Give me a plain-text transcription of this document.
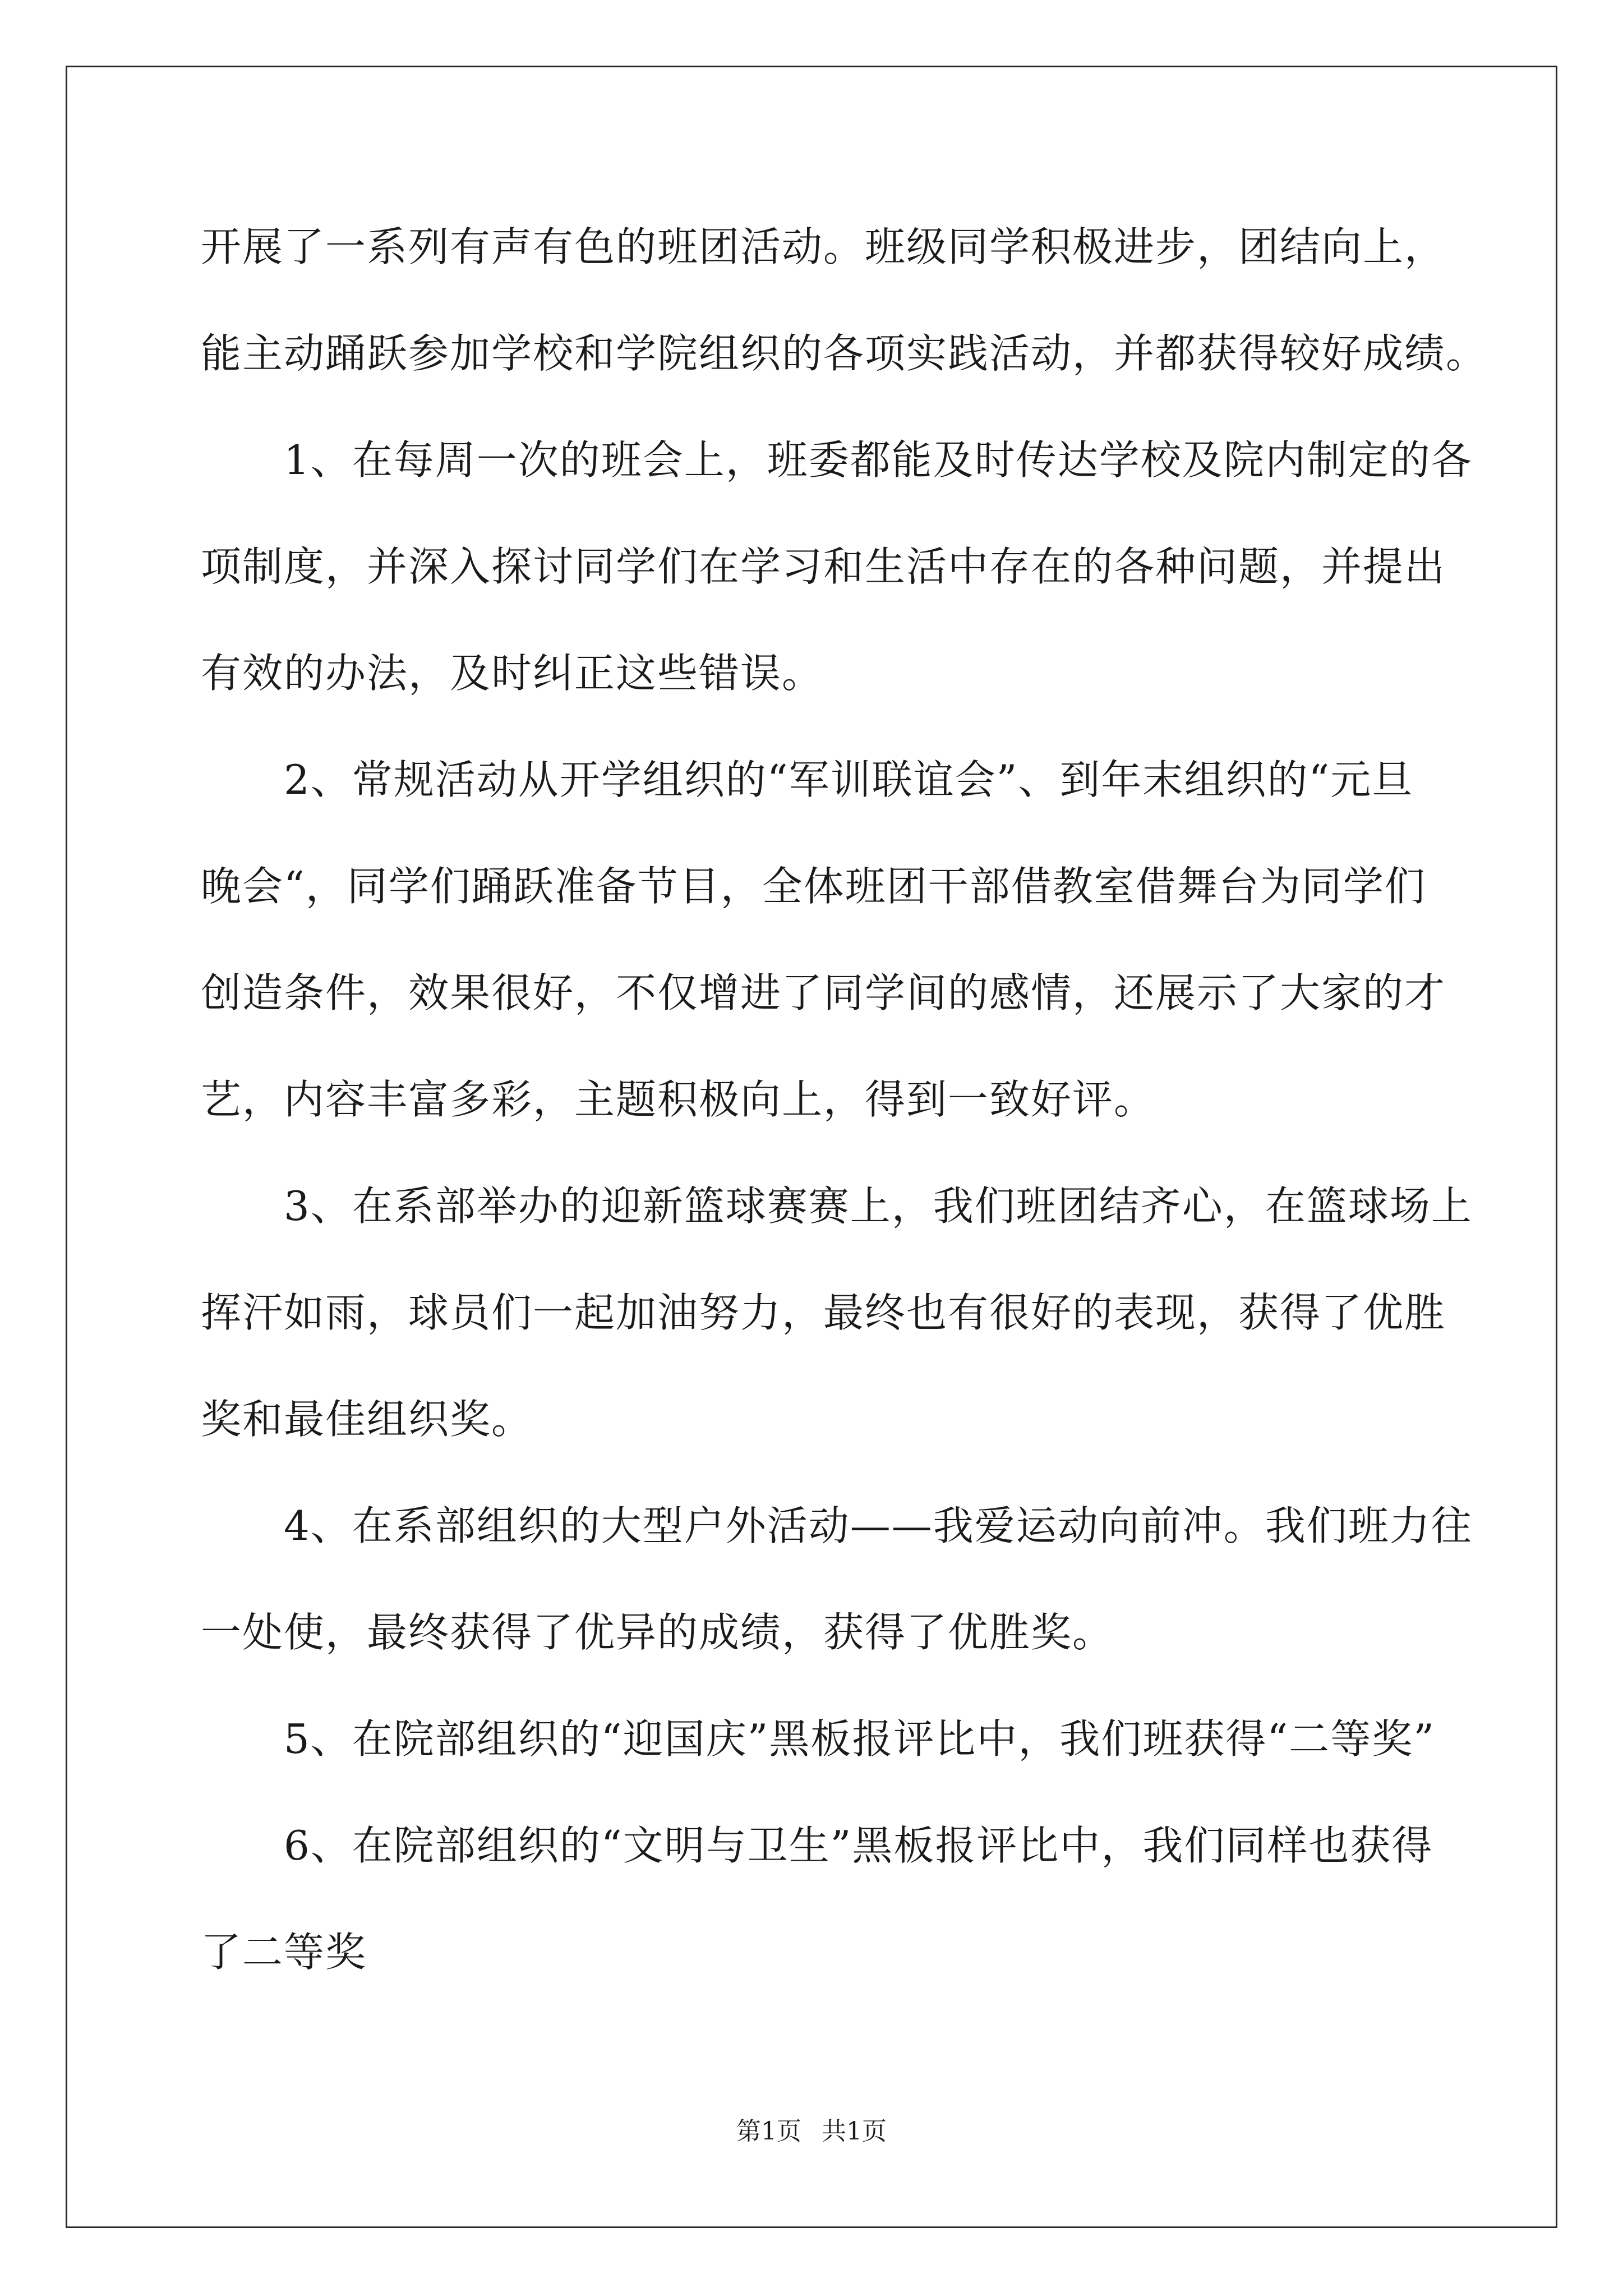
开展了一系列有声有色的班团活动。班级同学积极进步，团结向上，
能主动踊跃参加学校和学院组织的各项实践活动，并都获得较好成绩。
　　1、在每周一次的班会上，班委都能及时传达学校及院内制定的各
项制度，并深入探讨同学们在学习和生活中存在的各种问题，并提出
有效的办法，及时纠正这些错误。
　　2、常规活动从开学组织的“军训联谊会”、到年末组织的“元旦
晚会“，同学们踊跃准备节目，全体班团干部借教室借舞台为同学们
创造条件，效果很好，不仅增进了同学间的感情，还展示了大家的才
艺，内容丰富多彩，主题积极向上，得到一致好评。
　　3、在系部举办的迎新篮球赛赛上，我们班团结齐心，在篮球场上
挥汗如雨，球员们一起加油努力，最终也有很好的表现，获得了优胜
奖和最佳组织奖。
　　4、在系部组织的大型户外活动——我爱运动向前冲。我们班力往
一处使，最终获得了优异的成绩，获得了优胜奖。
　　5、在院部组织的“迎国庆”黑板报评比中，我们班获得“二等奖”
　　6、在院部组织的“文明与卫生”黑板报评比中，我们同样也获得
了二等奖
第1页 共1页
